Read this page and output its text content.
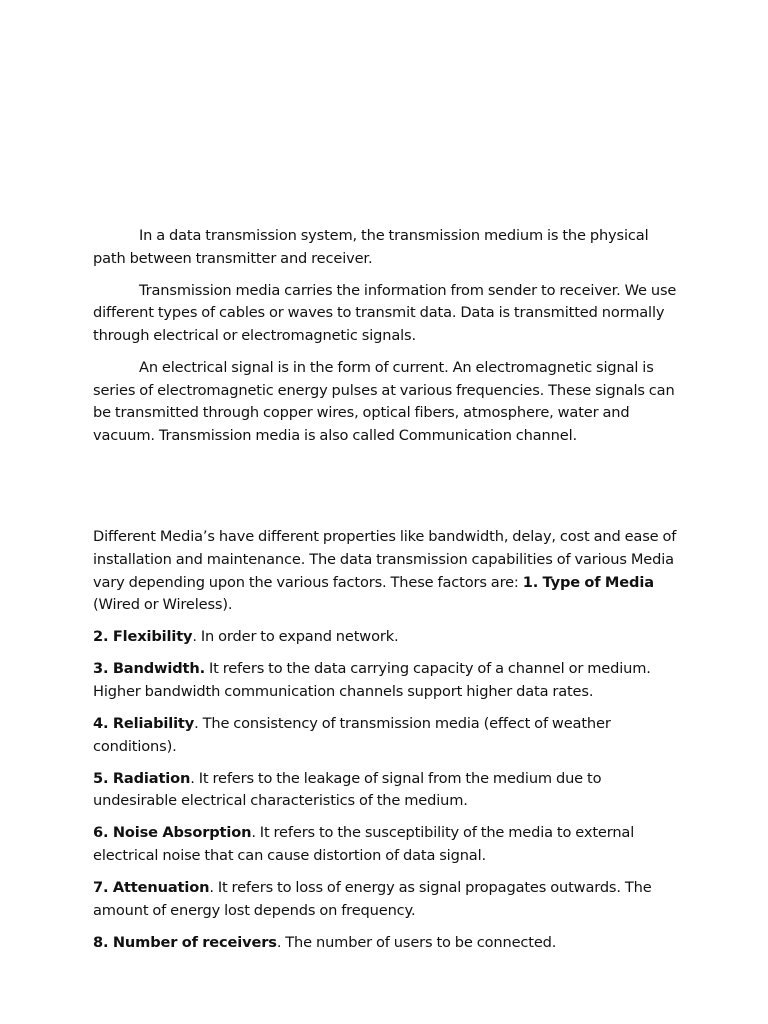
In a data transmission system, the transmission medium is the physical path between transmitter and receiver.

Transmission media carries the information from sender to receiver. We use different types of cables or waves to transmit data. Data is transmitted normally through electrical or electromagnetic signals.

An electrical signal is in the form of current. An electromagnetic signal is series of electromagnetic energy pulses at various frequencies. These signals can be transmitted through copper wires, optical fibers, atmosphere, water and vacuum. Transmission media is also called Communication channel.

Different Media’s have different properties like bandwidth, delay, cost and ease of installation and maintenance. The data transmission capabilities of various Media vary depending upon the various factors. These factors are: 1. Type of Media (Wired or Wireless).

2. Flexibility. In order to expand network.

3. Bandwidth. It refers to the data carrying capacity of a channel or medium. Higher bandwidth communication channels support higher data rates.

4. Reliability. The consistency of transmission media (effect of weather conditions).

5. Radiation. It refers to the leakage of signal from the medium due to undesirable electrical characteristics of the medium.

6. Noise Absorption. It refers to the susceptibility of the media to external electrical noise that can cause distortion of data signal.

7. Attenuation. It refers to loss of energy as signal propagates outwards. The amount of energy lost depends on frequency.

8. Number of receivers. The number of users to be connected.
